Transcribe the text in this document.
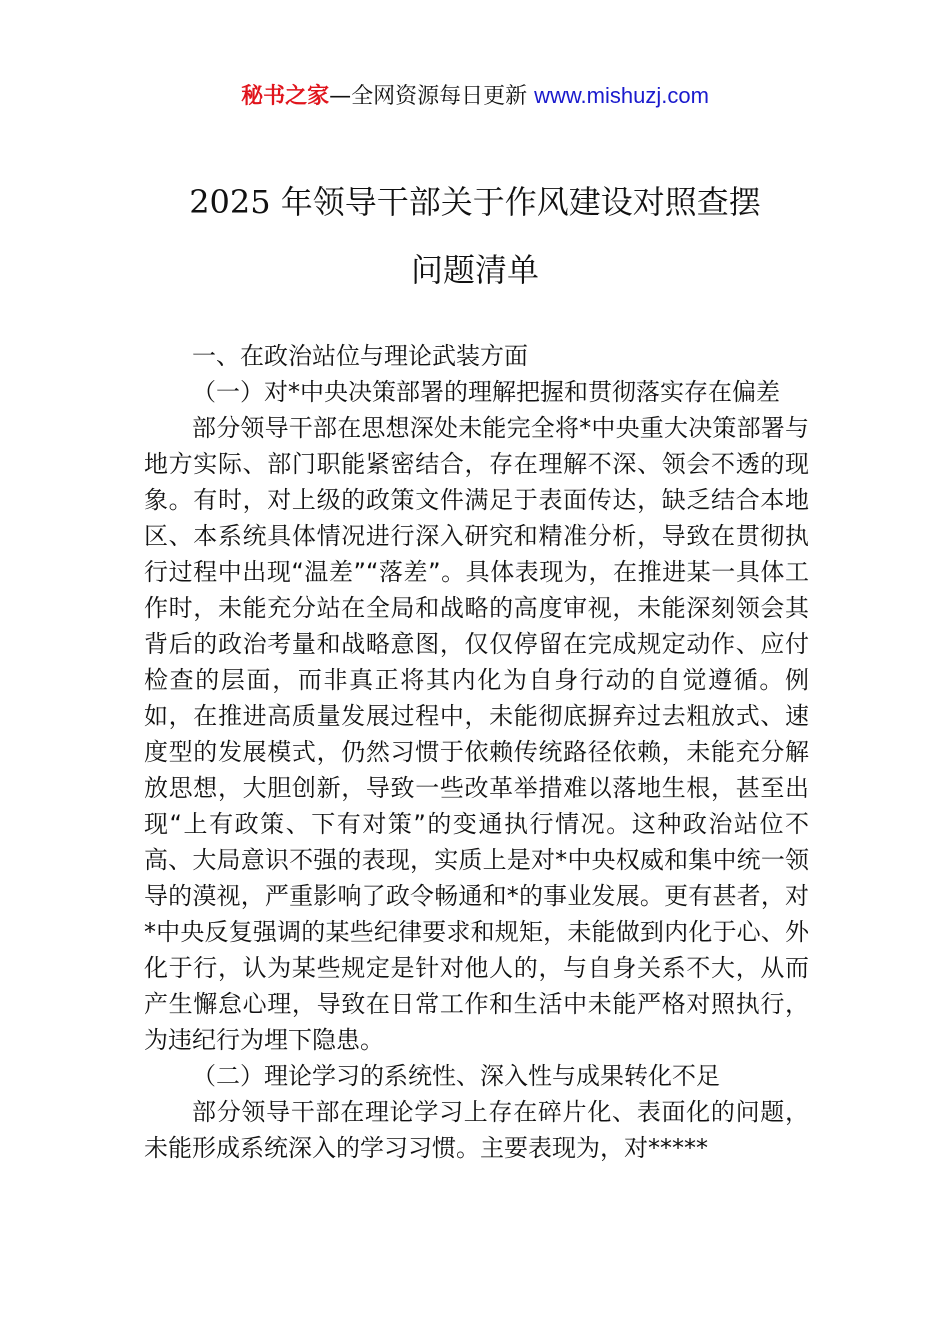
秘书之家—全网资源每日更新 www.mishuzj.com
2025 年领导干部关于作风建设对照查摆
问题清单

一、在政治站位与理论武装方面

（一）对*中央决策部署的理解把握和贯彻落实存在偏差

部分领导干部在思想深处未能完全将*中央重大决策部署与地方实际、部门职能紧密结合，存在理解不深、领会不透的现象。有时，对上级的政策文件满足于表面传达，缺乏结合本地区、本系统具体情况进行深入研究和精准分析，导致在贯彻执行过程中出现“温差”“落差”。具体表现为，在推进某一具体工作时，未能充分站在全局和战略的高度审视，未能深刻领会其背后的政治考量和战略意图，仅仅停留在完成规定动作、应付检查的层面，而非真正将其内化为自身行动的自觉遵循。例如，在推进高质量发展过程中，未能彻底摒弃过去粗放式、速度型的发展模式，仍然习惯于依赖传统路径依赖，未能充分解放思想，大胆创新，导致一些改革举措难以落地生根，甚至出现“上有政策、下有对策”的变通执行情况。这种政治站位不高、大局意识不强的表现，实质上是对*中央权威和集中统一领导的漠视，严重影响了政令畅通和*的事业发展。更有甚者，对*中央反复强调的某些纪律要求和规矩，未能做到内化于心、外化于行，认为某些规定是针对他人的，与自身关系不大，从而产生懈怠心理，导致在日常工作和生活中未能严格对照执行，为违纪行为埋下隐患。

（二）理论学习的系统性、深入性与成果转化不足

部分领导干部在理论学习上存在碎片化、表面化的问题，未能形成系统深入的学习习惯。主要表现为，对*****
